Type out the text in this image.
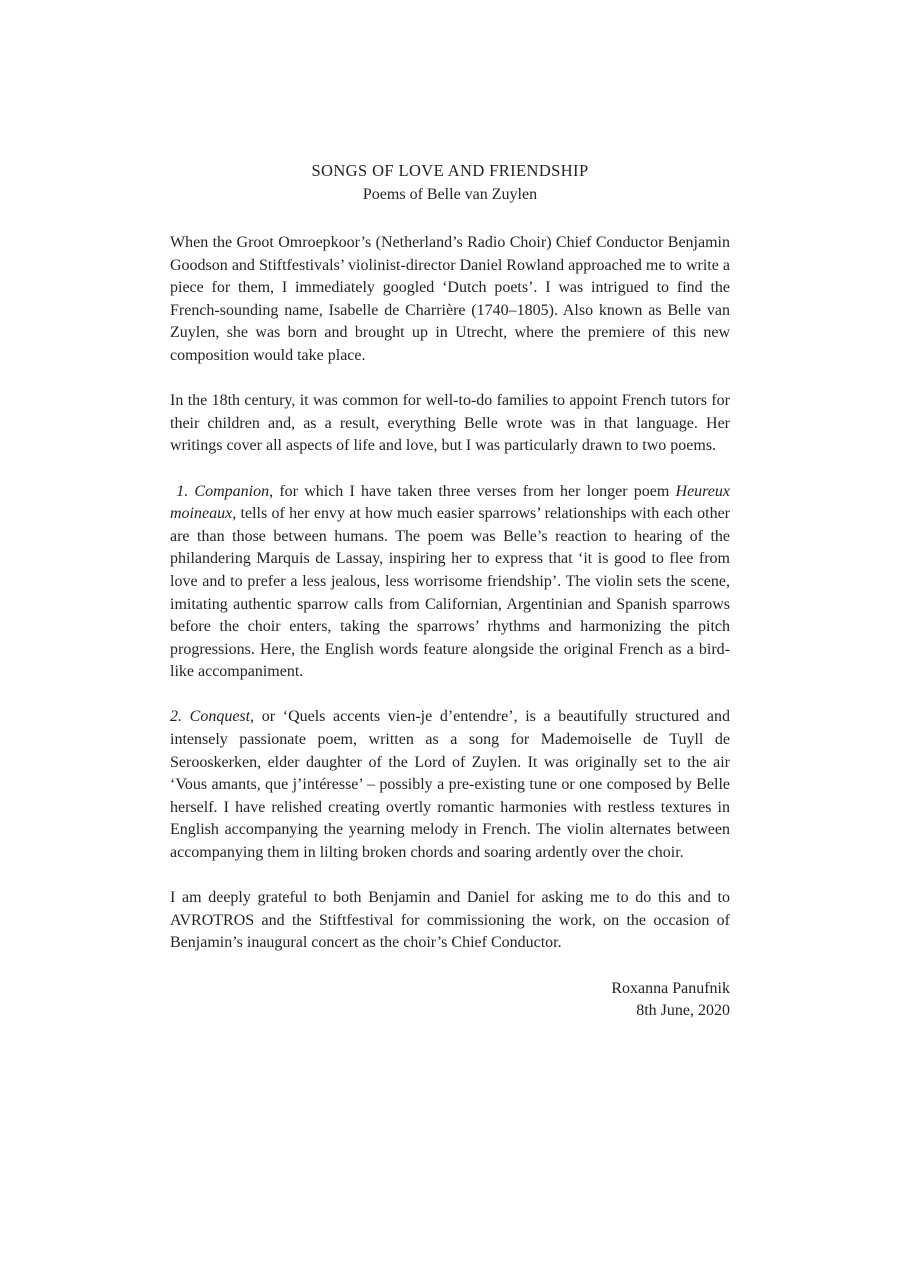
SONGS OF LOVE AND FRIENDSHIP
Poems of Belle van Zuylen

When the Groot Omroepkoor’s (Netherland’s Radio Choir) Chief Conductor Benjamin Goodson and Stiftfestivals’ violinist-director Daniel Rowland approached me to write a piece for them, I immediately googled ‘Dutch poets’. I was intrigued to find the French-sounding name, Isabelle de Charrière (1740–1805). Also known as Belle van Zuylen, she was born and brought up in Utrecht, where the premiere of this new composition would take place.

In the 18th century, it was common for well-to-do families to appoint French tutors for their children and, as a result, everything Belle wrote was in that language. Her writings cover all aspects of life and love, but I was particularly drawn to two poems.

1. Companion, for which I have taken three verses from her longer poem Heureux moineaux, tells of her envy at how much easier sparrows’ relationships with each other are than those between humans. The poem was Belle’s reaction to hearing of the philandering Marquis de Lassay, inspiring her to express that ‘it is good to flee from love and to prefer a less jealous, less worrisome friendship’. The violin sets the scene, imitating authentic sparrow calls from Californian, Argentinian and Spanish sparrows before the choir enters, taking the sparrows’ rhythms and harmonizing the pitch progressions. Here, the English words feature alongside the original French as a bird-like accompaniment.

2. Conquest, or ‘Quels accents vien-je d’entendre’, is a beautifully structured and intensely passionate poem, written as a song for Mademoiselle de Tuyll de Serooskerken, elder daughter of the Lord of Zuylen. It was originally set to the air ‘Vous amants, que j’intéresse’ – possibly a pre-existing tune or one composed by Belle herself. I have relished creating overtly romantic harmonies with restless textures in English accompanying the yearning melody in French. The violin alternates between accompanying them in lilting broken chords and soaring ardently over the choir.

I am deeply grateful to both Benjamin and Daniel for asking me to do this and to AVROTROS and the Stiftfestival for commissioning the work, on the occasion of Benjamin’s inaugural concert as the choir’s Chief Conductor.

Roxanna Panufnik
8th June, 2020
